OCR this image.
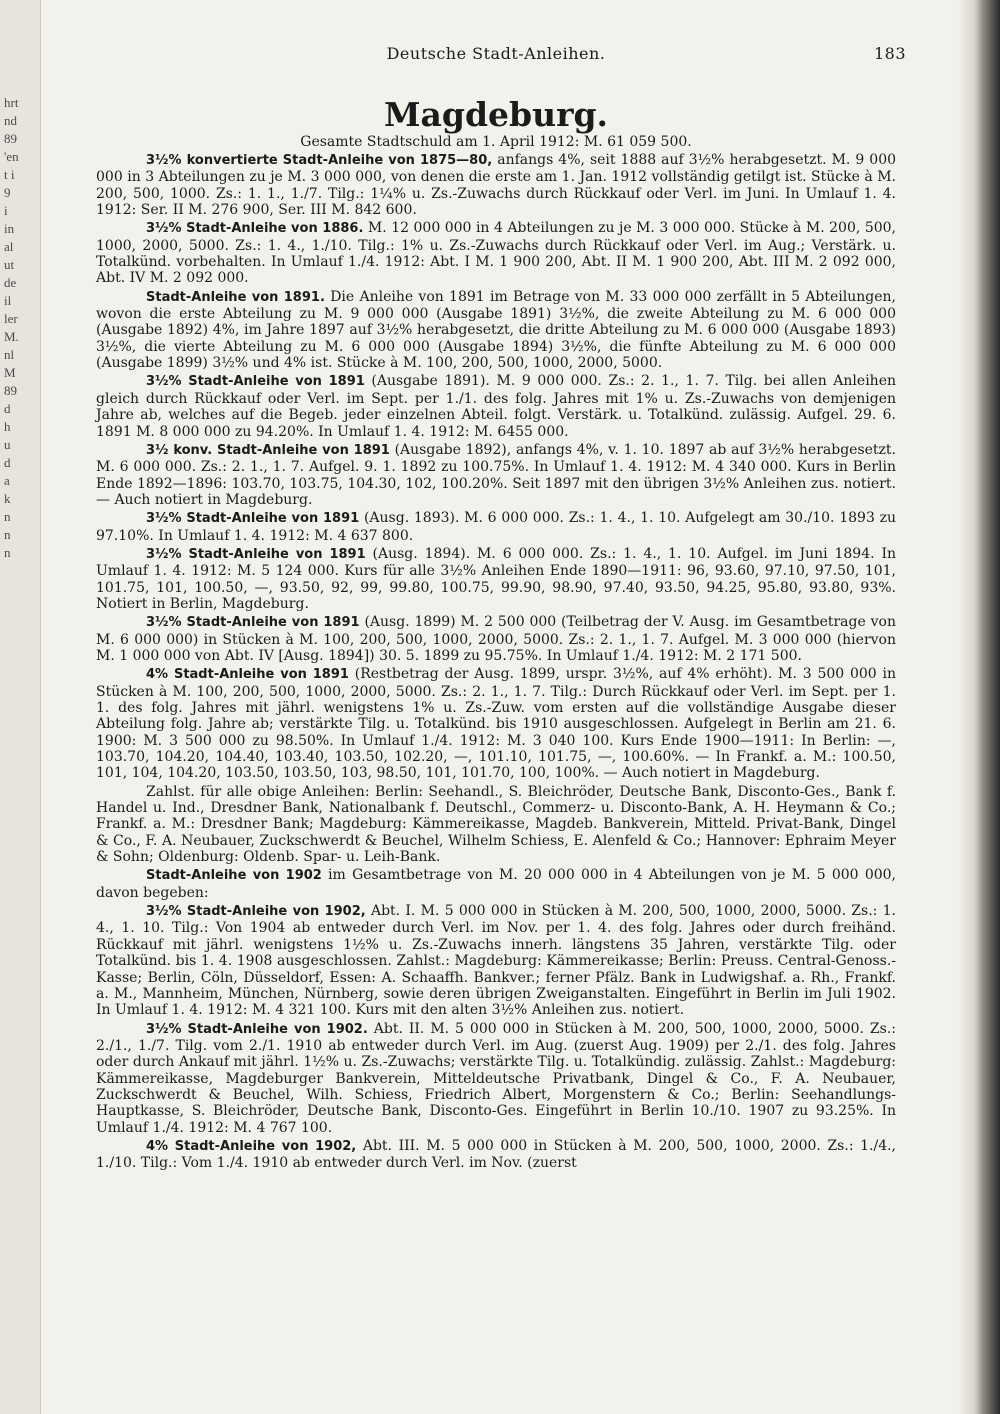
hrt
nd
89
'en
t i
9
i
in
al
ut
de
il
ler
M.
nl
M
89
d
h
u
d
a
k
n
n
n
Deutsche Stadt-Anleihen.	183
Magdeburg.
Gesamte Stadtschuld am 1. April 1912: M. 61 059 500.

3½% konvertierte Stadt-Anleihe von 1875—80, anfangs 4%, seit 1888 auf 3½% herabgesetzt. M. 9 000 000 in 3 Abteilungen zu je M. 3 000 000, von denen die erste am 1. Jan. 1912 vollständig getilgt ist. Stücke à M. 200, 500, 1000. Zs.: 1. 1., 1./7. Tilg.: 1¼% u. Zs.-Zuwachs durch Rückkauf oder Verl. im Juni. In Umlauf 1. 4. 1912: Ser. II M. 276 900, Ser. III M. 842 600.

3½% Stadt-Anleihe von 1886. M. 12 000 000 in 4 Abteilungen zu je M. 3 000 000. Stücke à M. 200, 500, 1000, 2000, 5000. Zs.: 1. 4., 1./10. Tilg.: 1% u. Zs.-Zuwachs durch Rückkauf oder Verl. im Aug.; Verstärk. u. Totalkünd. vorbehalten. In Umlauf 1./4. 1912: Abt. I M. 1 900 200, Abt. II M. 1 900 200, Abt. III M. 2 092 000, Abt. IV M. 2 092 000.

Stadt-Anleihe von 1891. Die Anleihe von 1891 im Betrage von M. 33 000 000 zerfällt in 5 Abteilungen, wovon die erste Abteilung zu M. 9 000 000 (Ausgabe 1891) 3½%, die zweite Abteilung zu M. 6 000 000 (Ausgabe 1892) 4%, im Jahre 1897 auf 3½% herabgesetzt, die dritte Abteilung zu M. 6 000 000 (Ausgabe 1893) 3½%, die vierte Abteilung zu M. 6 000 000 (Ausgabe 1894) 3½%, die fünfte Abteilung zu M. 6 000 000 (Ausgabe 1899) 3½% und 4% ist. Stücke à M. 100, 200, 500, 1000, 2000, 5000.

3½% Stadt-Anleihe von 1891 (Ausgabe 1891). M. 9 000 000. Zs.: 2. 1., 1. 7. Tilg. bei allen Anleihen gleich durch Rückkauf oder Verl. im Sept. per 1./1. des folg. Jahres mit 1% u. Zs.-Zuwachs von demjenigen Jahre ab, welches auf die Begeb. jeder einzelnen Abteil. folgt. Verstärk. u. Totalkünd. zulässig. Aufgel. 29. 6. 1891 M. 8 000 000 zu 94.20%. In Umlauf 1. 4. 1912: M. 6455 000.

3½ konv. Stadt-Anleihe von 1891 (Ausgabe 1892), anfangs 4%, v. 1. 10. 1897 ab auf 3½% herabgesetzt. M. 6 000 000. Zs.: 2. 1., 1. 7. Aufgel. 9. 1. 1892 zu 100.75%. In Umlauf 1. 4. 1912: M. 4 340 000. Kurs in Berlin Ende 1892—1896: 103.70, 103.75, 104.30, 102, 100.20%. Seit 1897 mit den übrigen 3½% Anleihen zus. notiert. — Auch notiert in Magdeburg.

3½% Stadt-Anleihe von 1891 (Ausg. 1893). M. 6 000 000. Zs.: 1. 4., 1. 10. Aufgelegt am 30./10. 1893 zu 97.10%. In Umlauf 1. 4. 1912: M. 4 637 800.

3½% Stadt-Anleihe von 1891 (Ausg. 1894). M. 6 000 000. Zs.: 1. 4., 1. 10. Aufgel. im Juni 1894. In Umlauf 1. 4. 1912: M. 5 124 000. Kurs für alle 3½% Anleihen Ende 1890—1911: 96, 93.60, 97.10, 97.50, 101, 101.75, 101, 100.50, —, 93.50, 92, 99, 99.80, 100.75, 99.90, 98.90, 97.40, 93.50, 94.25, 95.80, 93.80, 93%. Notiert in Berlin, Magdeburg.

3½% Stadt-Anleihe von 1891 (Ausg. 1899) M. 2 500 000 (Teilbetrag der V. Ausg. im Gesamtbetrage von M. 6 000 000) in Stücken à M. 100, 200, 500, 1000, 2000, 5000. Zs.: 2. 1., 1. 7. Aufgel. M. 3 000 000 (hiervon M. 1 000 000 von Abt. IV [Ausg. 1894]) 30. 5. 1899 zu 95.75%. In Umlauf 1./4. 1912: M. 2 171 500.

4% Stadt-Anleihe von 1891 (Restbetrag der Ausg. 1899, urspr. 3½%, auf 4% erhöht). M. 3 500 000 in Stücken à M. 100, 200, 500, 1000, 2000, 5000. Zs.: 2. 1., 1. 7. Tilg.: Durch Rückkauf oder Verl. im Sept. per 1. 1. des folg. Jahres mit jährl. wenigstens 1% u. Zs.-Zuw. vom ersten auf die vollständige Ausgabe dieser Abteilung folg. Jahre ab; verstärkte Tilg. u. Totalkünd. bis 1910 ausgeschlossen. Aufgelegt in Berlin am 21. 6. 1900: M. 3 500 000 zu 98.50%. In Umlauf 1./4. 1912: M. 3 040 100. Kurs Ende 1900—1911: In Berlin: —, 103.70, 104.20, 104.40, 103.40, 103.50, 102.20, —, 101.10, 101.75, —, 100.60%. — In Frankf. a. M.: 100.50, 101, 104, 104.20, 103.50, 103.50, 103, 98.50, 101, 101.70, 100, 100%. — Auch notiert in Magdeburg.

Zahlst. für alle obige Anleihen: Berlin: Seehandl., S. Bleichröder, Deutsche Bank, Disconto-Ges., Bank f. Handel u. Ind., Dresdner Bank, Nationalbank f. Deutschl., Commerz- u. Disconto-Bank, A. H. Heymann & Co.; Frankf. a. M.: Dresdner Bank; Magdeburg: Kämmereikasse, Magdeb. Bankverein, Mitteld. Privat-Bank, Dingel & Co., F. A. Neubauer, Zuckschwerdt & Beuchel, Wilhelm Schiess, E. Alenfeld & Co.; Hannover: Ephraim Meyer & Sohn; Oldenburg: Oldenb. Spar- u. Leih-Bank.

Stadt-Anleihe von 1902 im Gesamtbetrage von M. 20 000 000 in 4 Abteilungen von je M. 5 000 000, davon begeben:

3½% Stadt-Anleihe von 1902, Abt. I. M. 5 000 000 in Stücken à M. 200, 500, 1000, 2000, 5000. Zs.: 1. 4., 1. 10. Tilg.: Von 1904 ab entweder durch Verl. im Nov. per 1. 4. des folg. Jahres oder durch freihänd. Rückkauf mit jährl. wenigstens 1½% u. Zs.-Zuwachs innerh. längstens 35 Jahren, verstärkte Tilg. oder Totalkünd. bis 1. 4. 1908 ausgeschlossen. Zahlst.: Magdeburg: Kämmereikasse; Berlin: Preuss. Central-Genoss.-Kasse; Berlin, Cöln, Düsseldorf, Essen: A. Schaaffh. Bankver.; ferner Pfälz. Bank in Ludwigshaf. a. Rh., Frankf. a. M., Mannheim, München, Nürnberg, sowie deren übrigen Zweiganstalten. Eingeführt in Berlin im Juli 1902. In Umlauf 1. 4. 1912: M. 4 321 100. Kurs mit den alten 3½% Anleihen zus. notiert.

3½% Stadt-Anleihe von 1902. Abt. II. M. 5 000 000 in Stücken à M. 200, 500, 1000, 2000, 5000. Zs.: 2./1., 1./7. Tilg. vom 2./1. 1910 ab entweder durch Verl. im Aug. (zuerst Aug. 1909) per 2./1. des folg. Jahres oder durch Ankauf mit jährl. 1½% u. Zs.-Zuwachs; verstärkte Tilg. u. Totalkündig. zulässig. Zahlst.: Magdeburg: Kämmereikasse, Magdeburger Bankverein, Mitteldeutsche Privatbank, Dingel & Co., F. A. Neubauer, Zuckschwerdt & Beuchel, Wilh. Schiess, Friedrich Albert, Morgenstern & Co.; Berlin: Seehandlungs-Hauptkasse, S. Bleichröder, Deutsche Bank, Disconto-Ges. Eingeführt in Berlin 10./10. 1907 zu 93.25%. In Umlauf 1./4. 1912: M. 4 767 100.

4% Stadt-Anleihe von 1902, Abt. III. M. 5 000 000 in Stücken à M. 200, 500, 1000, 2000. Zs.: 1./4., 1./10. Tilg.: Vom 1./4. 1910 ab entweder durch Verl. im Nov. (zuerst
